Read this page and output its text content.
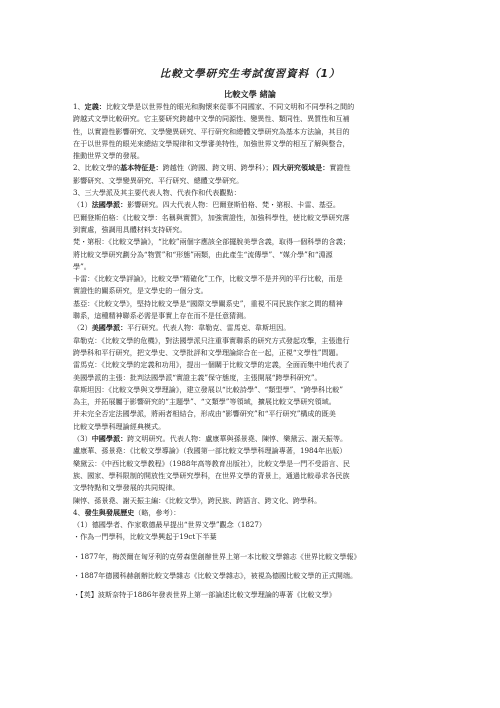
比較文學研究生考試復習資料（1）
比較文學 緒論

1、定義：比較文學是以世界性的眼光和胸懷來從事不同國家、不同文明和不同學科之間的

跨越式文學比較研究。它主要研究跨越中文學的同源性、變異性、類同性、異質性和互補

性，以實證性影響研究、文學變異研究、平行研究和總體文學研究為基本方法論，其目的

在于以世界性的眼光來總結文學規律和文學審美特性，加強世界文學的相互了解與整合，

推動世界文學的發展。

2、比較文學的基本特征是：跨越性（跨國、跨文明、跨學科）；四大研究領域是：實證性

影響研究、文學變異研究、平行研究、總體文學研究。

3、三大學派及其主要代表人物、代表作和代表觀點：

（1）法國學派：影響研究。四大代表人物：巴爾登斯伯格、梵・第根、卡雷、基亞。

巴爾登斯伯格：《比較文學：名稱與實質》，加強實證性，加強科學性，使比較文學研究落

到實處，強調用具體材料支持研究。

梵・第根：《比較文學論》，“比較”兩個字應該全部擺脫美學含義，取得一個科學的含義；

將比較文學研究劃分為“物質”和“形態”兩類，由此產生“流傳學”、“媒介學”和“淵源

學”。

卡雷：《比較文學評論》，比較文學“精確化”工作，比較文學不是并列的平行比較，而是

實證性的關系研究，是文學史的一個分支。

基亞：《比較文學》，堅持比較文學是“國際文學關系史”，重視不同民族作家之間的精神

聯系，這種精神聯系必需是事實上存在而不是任意猜測。

（2）美國學派：平行研究。代表人物：韋勒克、雷馬克、韋斯坦因。

韋勒克：《比較文學的危機》，對法國學派只注重事實聯系的研究方式發起攻擊，主張進行

跨學科和平行研究，把文學史、文學批評和文學理論綜合在一起，正視“文學性”問題。

雷馬克：《比較文學的定義和功用》，提出一個關于比較文學的定義，全面而集中地代表了

美國學派的主張：批判法國學派“實證主義”保守態度，主張開展“跨學科研究”。

韋斯坦因：《比較文學與文學理論》，建立發展以“比較詩學”、“類型學”、“跨學科比較”

為主，并拓展屬于影響研究的“主題學”、“文類學”等領域，擴展比較文學研究領域。

并未完全否定法國學派，將兩者相結合，形成由“影響研究”和“平行研究”構成的既美

比較文學學科理論經典模式。

（3）中國學派：跨文明研究。代表人物：盧康華與孫景堯、陳惇、樂黛云、謝天振等。

盧康華、孫景堯：《比較文學導論》（我國第一部比較文學學科理論專著，1984年出版）

樂黛云：《中西比較文學教程》（1988年高等教育出版社），比較文學是一門不受語言、民

族、國家、學科限制的開放性文學研究學科，在世界文學的背景上，通過比較尋求各民族

文學特點和文學發展的共同規律。

陳惇、孫景堯、謝天振主編：《比較文學》，跨民族、跨語言、跨文化、跨學科。

4、發生與發展歷史（略，參考）：

（1）德國學者、作家歌德最早提出“世界文學”觀念（1827）

・作為一門學科，比較文學興起于19ct下半葉

・1877年，梅茨爾在匈牙利的克勞森堡創辦世界上第一本比較文學雜志《世界比較文學報》

・1887年德國科赫創辦比較文學雜志《比較文學雜志》，被視為德國比較文學的正式開端。

・【英】波斯奈特于1886年發表世界上第一部論述比較文學理論的專著《比較文學》
